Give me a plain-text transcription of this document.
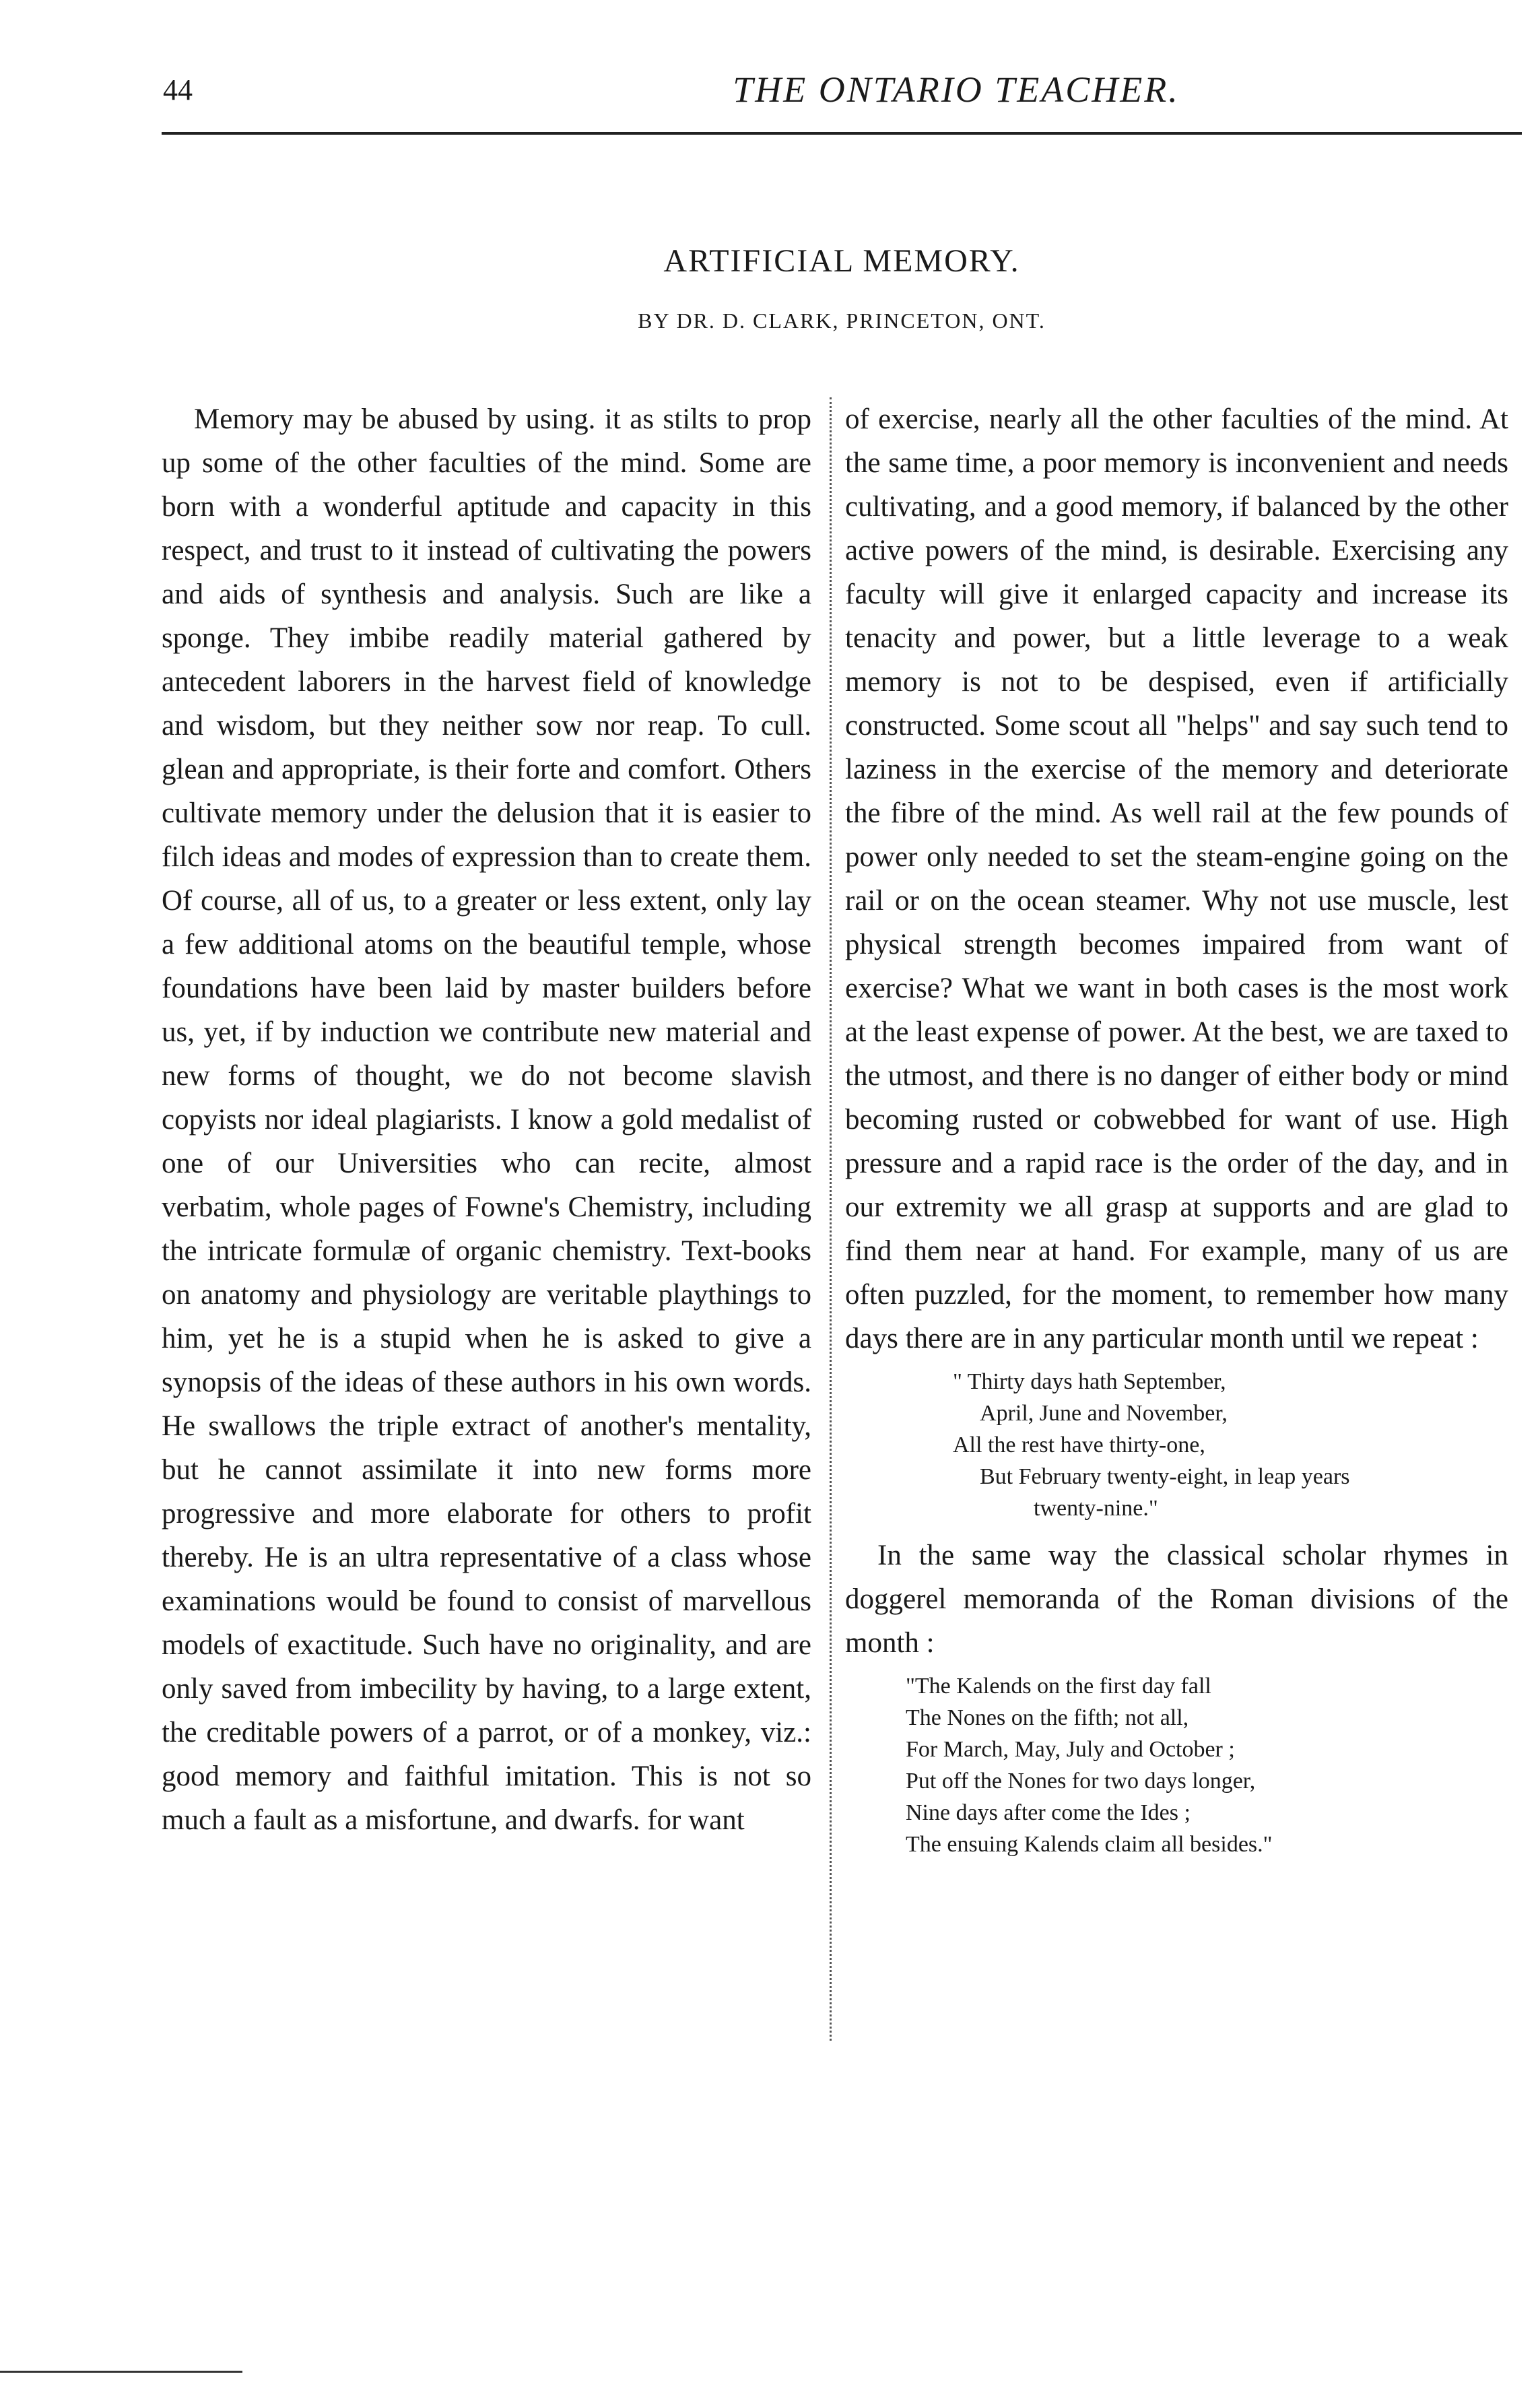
44	THE ONTARIO TEACHER.
ARTIFICIAL MEMORY.
BY DR. D. CLARK, PRINCETON, ONT.

Memory may be abused by using. it as stilts to prop up some of the other faculties of the mind. Some are born with a wonderful aptitude and capacity in this respect, and trust to it instead of cultivating the powers and aids of synthesis and analysis. Such are like a sponge. They imbibe readily material gathered by antecedent laborers in the harvest field of knowledge and wisdom, but they neither sow nor reap. To cull. glean and appropriate, is their forte and comfort. Others cultivate memory under the delusion that it is easier to filch ideas and modes of expression than to create them. Of course, all of us, to a greater or less extent, only lay a few additional atoms on the beautiful temple, whose foundations have been laid by master builders before us, yet, if by induction we contribute new material and new forms of thought, we do not become slavish copyists nor ideal plagiarists. I know a gold medalist of one of our Universities who can recite, almost verbatim, whole pages of Fowne's Chemistry, including the intricate formulæ of organic chemistry. Text-books on anatomy and physiology are veritable playthings to him, yet he is a stupid when he is asked to give a synopsis of the ideas of these authors in his own words. He swallows the triple extract of another's mentality, but he cannot assimilate it into new forms more progressive and more elaborate for others to profit thereby. He is an ultra representative of a class whose examinations would be found to consist of marvellous models of exactitude. Such have no originality, and are only saved from imbecility by having, to a large extent, the creditable powers of a parrot, or of a monkey, viz.: good memory and faithful imitation. This is not so much a fault as a misfortune, and dwarfs. for want

of exercise, nearly all the other faculties of the mind. At the same time, a poor memory is inconvenient and needs cultivating, and a good memory, if balanced by the other active powers of the mind, is desirable. Exercising any faculty will give it enlarged capacity and increase its tenacity and power, but a little leverage to a weak memory is not to be despised, even if artificially constructed. Some scout all "helps" and say such tend to laziness in the exercise of the memory and deteriorate the fibre of the mind. As well rail at the few pounds of power only needed to set the steam-engine going on the rail or on the ocean steamer. Why not use muscle, lest physical strength becomes impaired from want of exercise? What we want in both cases is the most work at the least expense of power. At the best, we are taxed to the utmost, and there is no danger of either body or mind becoming rusted or cobwebbed for want of use. High pressure and a rapid race is the order of the day, and in our extremity we all grasp at supports and are glad to find them near at hand. For example, many of us are often puzzled, for the moment, to remember how many days there are in any particular month until we repeat :

" Thirty days hath September,
April, June and November,
All the rest have thirty-one,
But February twenty-eight, in leap years
twenty-nine."

In the same way the classical scholar rhymes in doggerel memoranda of the Roman divisions of the month :

"The Kalends on the first day fall
The Nones on the fifth; not all,
For March, May, July and October ;
Put off the Nones for two days longer,
Nine days after come the Ides ;
The ensuing Kalends claim all besides."
